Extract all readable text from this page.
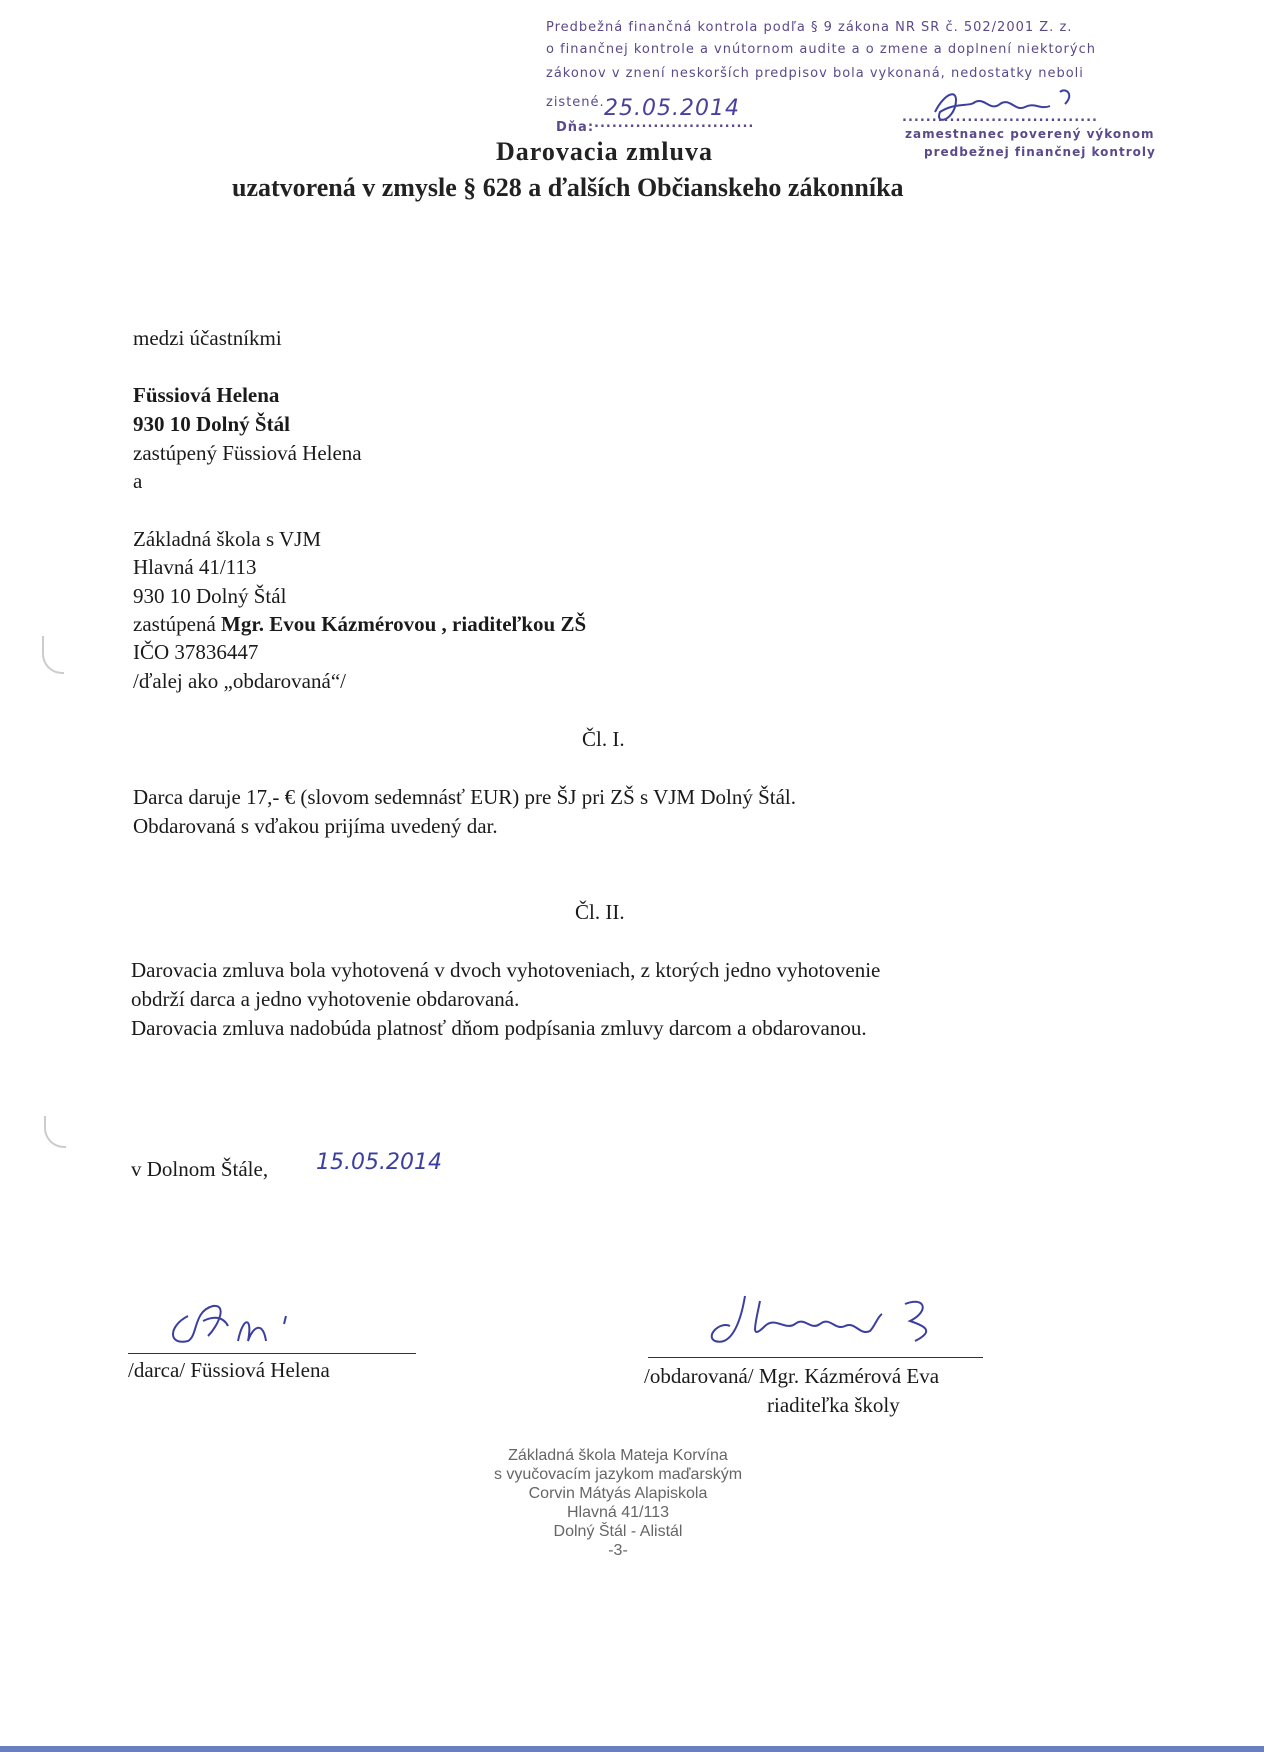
Predbežná finančná kontrola podľa § 9 zákona NR SR č. 502/2001 Z. z.
o finančnej kontrole a vnútornom audite a o zmene a doplnení niektorých
zákonov v znení neskorších predpisov bola vykonaná, nedostatky neboli
zistené.
Dňa: ...........................
25.05.2014	.................................
zamestnanec poverený výkonom
predbežnej finančnej kontroly
Darovacia zmluva
uzatvorená v zmysle § 628 a ďalších Občianskeho zákonníka
medzi účastníkmi
Füssiová Helena
930 10 Dolný Štál
zastúpený Füssiová Helena
a
Základná škola s VJM
Hlavná 41/113
930 10 Dolný Štál
zastúpená Mgr. Evou Kázmérovou , riaditeľkou ZŠ
IČO 37836447
/ďalej ako „obdarovaná“/
Čl. I.
Darca daruje 17,- € (slovom sedemnásť EUR) pre ŠJ pri ZŠ s VJM Dolný Štál.
Obdarovaná s vďakou prijíma uvedený dar.
Čl. II.
Darovacia zmluva bola vyhotovená v dvoch vyhotoveniach, z ktorých jedno vyhotovenie
obdrží darca a jedno vyhotovenie obdarovaná.
Darovacia zmluva nadobúda platnosť dňom podpísania zmluvy darcom a obdarovanou.
v Dolnom Štále, 15.05.2014
/darca/ Füssiová Helena	/obdarovaná/ Mgr. Kázmérová Eva
riaditeľka školy
Základná škola Mateja Korvína
s vyučovacím jazykom maďarským
Corvin Mátyás Alapiskola
Hlavná 41/113
Dolný Štál - Alistál
-3-
